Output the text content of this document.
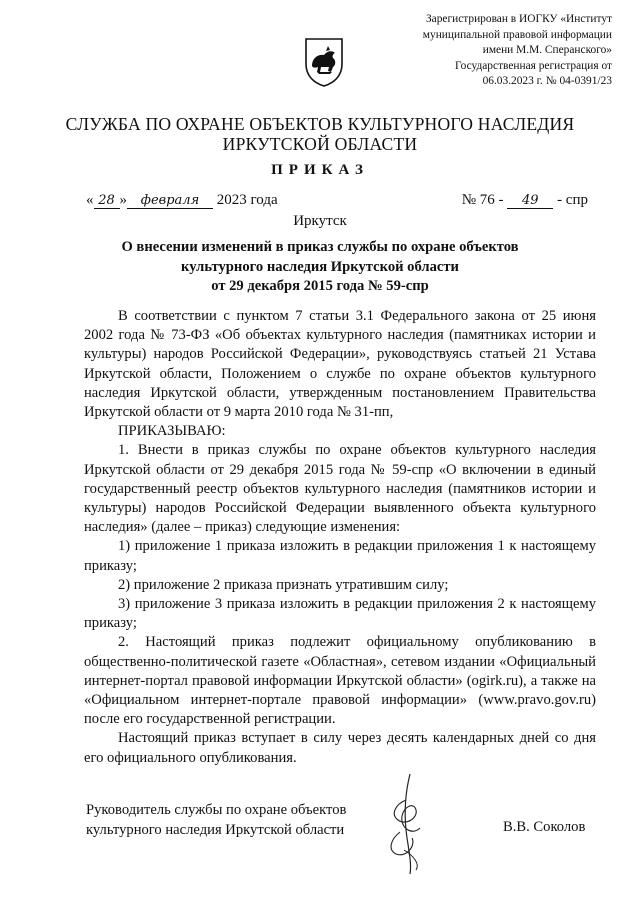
Зарегистрирован в ИОГКУ «Институт
муниципальной правовой информации
имени М.М. Сперанского»
Государственная регистрация от
06.03.2023 г. № 04-0391/23
СЛУЖБА ПО ОХРАНЕ ОБЪЕКТОВ КУЛЬТУРНОГО НАСЛЕДИЯ
ИРКУТСКОЙ ОБЛАСТИ
ПРИКАЗ
« 28 » февраля 2023 года	№ 76 - 49 - спр
Иркутск
О внесении изменений в приказ службы по охране объектов
культурного наследия Иркутской области
от 29 декабря 2015 года № 59-спр

В соответствии с пунктом 7 статьи 3.1 Федерального закона от 25 июня 2002 года № 73-ФЗ «Об объектах культурного наследия (памятниках истории и культуры) народов Российской Федерации», руководствуясь статьей 21 Устава Иркутской области, Положением о службе по охране объектов культурного наследия Иркутской области, утвержденным постановлением Правительства Иркутской области от 9 марта 2010 года № 31-пп,

ПРИКАЗЫВАЮ:

1. Внести в приказ службы по охране объектов культурного наследия Иркутской области от 29 декабря 2015 года № 59-спр «О включении в единый государственный реестр объектов культурного наследия (памятников истории и культуры) народов Российской Федерации выявленного объекта культурного наследия» (далее – приказ) следующие изменения:

1) приложение 1 приказа изложить в редакции приложения 1 к настоящему приказу;

2) приложение 2 приказа признать утратившим силу;

3) приложение 3 приказа изложить в редакции приложения 2 к настоящему приказу;

2. Настоящий приказ подлежит официальному опубликованию в общественно-политической газете «Областная», сетевом издании «Официальный интернет-портал правовой информации Иркутской области» (ogirk.ru), а также на «Официальном интернет-портале правовой информации» (www.pravo.gov.ru) после его государственной регистрации.

Настоящий приказ вступает в силу через десять календарных дней со дня его официального опубликования.

Руководитель службы по охране объектов
культурного наследия Иркутской области	В.В. Соколов
